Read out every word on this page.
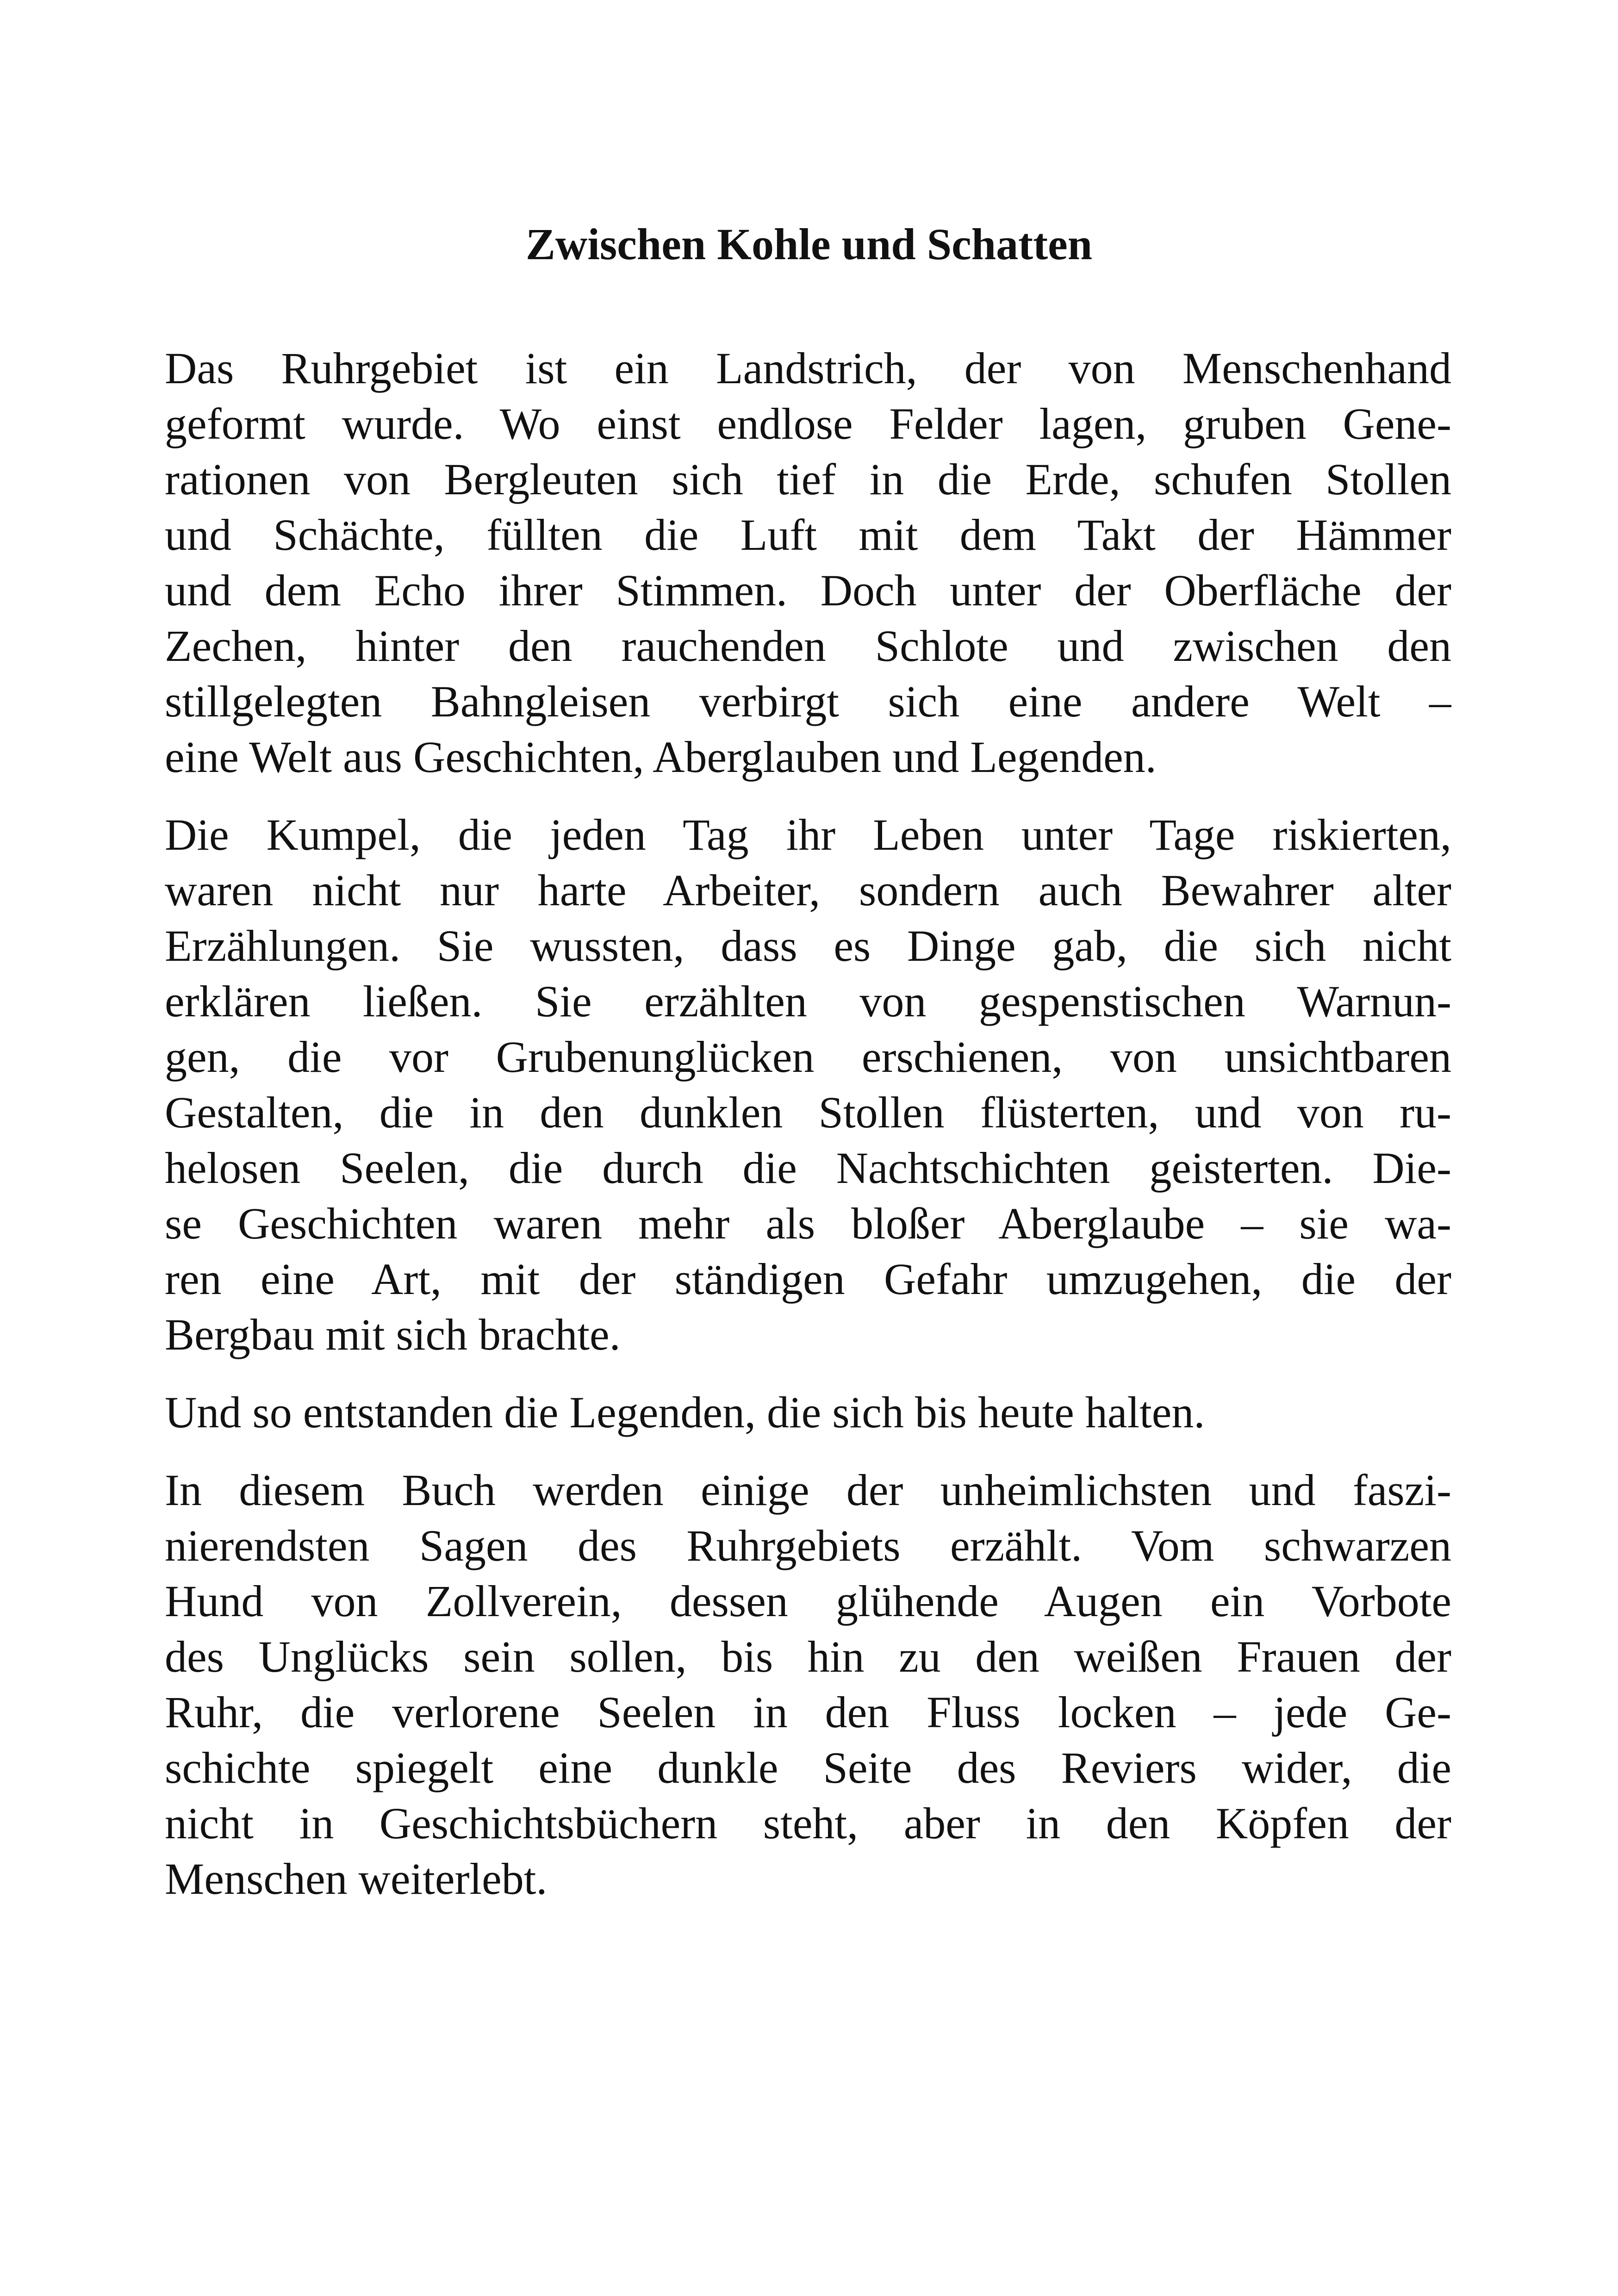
Zwischen Kohle und Schatten

Das Ruhrgebiet ist ein Landstrich, der von Menschenhand
geformt wurde. Wo einst endlose Felder lagen, gruben Gene-
rationen von Bergleuten sich tief in die Erde, schufen Stollen
und Schächte, füllten die Luft mit dem Takt der Hämmer
und dem Echo ihrer Stimmen. Doch unter der Oberfläche der
Zechen, hinter den rauchenden Schlote und zwischen den
stillgelegten Bahngleisen verbirgt sich eine andere Welt –
eine Welt aus Geschichten, Aberglauben und Legenden.

Die Kumpel, die jeden Tag ihr Leben unter Tage riskierten,
waren nicht nur harte Arbeiter, sondern auch Bewahrer alter
Erzählungen. Sie wussten, dass es Dinge gab, die sich nicht
erklären ließen. Sie erzählten von gespenstischen Warnun-
gen, die vor Grubenunglücken erschienen, von unsichtbaren
Gestalten, die in den dunklen Stollen flüsterten, und von ru-
helosen Seelen, die durch die Nachtschichten geisterten. Die-
se Geschichten waren mehr als bloßer Aberglaube – sie wa-
ren eine Art, mit der ständigen Gefahr umzugehen, die der
Bergbau mit sich brachte.

Und so entstanden die Legenden, die sich bis heute halten.

In diesem Buch werden einige der unheimlichsten und faszi-
nierendsten Sagen des Ruhrgebiets erzählt. Vom schwarzen
Hund von Zollverein, dessen glühende Augen ein Vorbote
des Unglücks sein sollen, bis hin zu den weißen Frauen der
Ruhr, die verlorene Seelen in den Fluss locken – jede Ge-
schichte spiegelt eine dunkle Seite des Reviers wider, die
nicht in Geschichtsbüchern steht, aber in den Köpfen der
Menschen weiterlebt.
